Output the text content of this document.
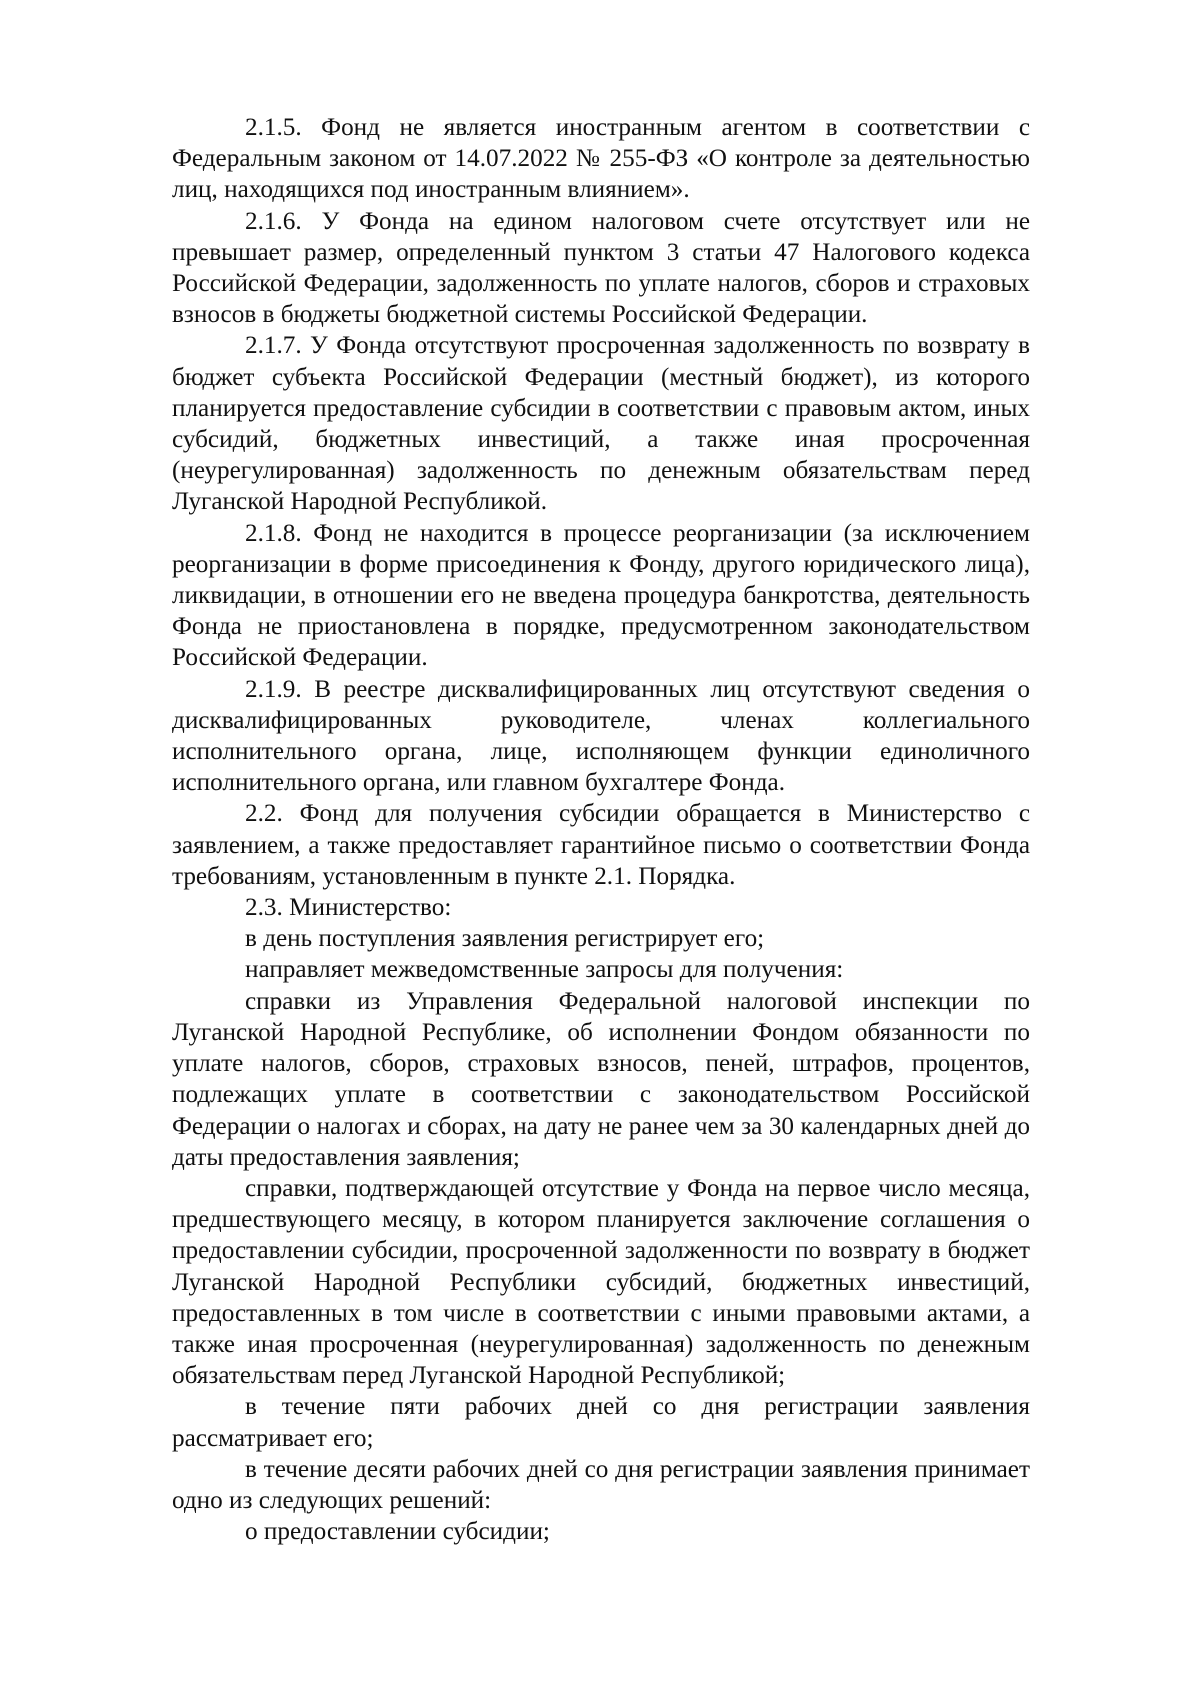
2.1.5. Фонд не является иностранным агентом в соответствии с Федеральным законом от 14.07.2022 № 255-ФЗ «О контроле за деятельностью лиц, находящихся под иностранным влиянием».

2.1.6. У Фонда на едином налоговом счете отсутствует или не превышает размер, определенный пунктом 3 статьи 47 Налогового кодекса Российской Федерации, задолженность по уплате налогов, сборов и страховых взносов в бюджеты бюджетной системы Российской Федерации.

2.1.7. У Фонда отсутствуют просроченная задолженность по возврату в бюджет субъекта Российской Федерации (местный бюджет), из которого планируется предоставление субсидии в соответствии с правовым актом, иных субсидий, бюджетных инвестиций, а также иная просроченная (неурегулированная) задолженность по денежным обязательствам перед Луганской Народной Республикой.

2.1.8. Фонд не находится в процессе реорганизации (за исключением реорганизации в форме присоединения к Фонду, другого юридического лица), ликвидации, в отношении его не введена процедура банкротства, деятельность Фонда не приостановлена в порядке, предусмотренном законодательством Российской Федерации.

2.1.9. В реестре дисквалифицированных лиц отсутствуют сведения о дисквалифицированных руководителе, членах коллегиального исполнительного органа, лице, исполняющем функции единоличного исполнительного органа, или главном бухгалтере Фонда.

2.2. Фонд для получения субсидии обращается в Министерство с заявлением, а также предоставляет гарантийное письмо о соответствии Фонда требованиям, установленным в пункте 2.1. Порядка.

2.3. Министерство:

в день поступления заявления регистрирует его;

направляет межведомственные запросы для получения:

справки из Управления Федеральной налоговой инспекции по Луганской Народной Республике, об исполнении Фондом обязанности по уплате налогов, сборов, страховых взносов, пеней, штрафов, процентов, подлежащих уплате в соответствии с законодательством Российской Федерации о налогах и сборах, на дату не ранее чем за 30 календарных дней до даты предоставления заявления;

справки, подтверждающей отсутствие у Фонда на первое число месяца, предшествующего месяцу, в котором планируется заключение соглашения о предоставлении субсидии, просроченной задолженности по возврату в бюджет Луганской Народной Республики субсидий, бюджетных инвестиций, предоставленных в том числе в соответствии с иными правовыми актами, а также иная просроченная (неурегулированная) задолженность по денежным обязательствам перед Луганской Народной Республикой;

в течение пяти рабочих дней со дня регистрации заявления рассматривает его;

в течение десяти рабочих дней со дня регистрации заявления принимает одно из следующих решений:

о предоставлении субсидии;
